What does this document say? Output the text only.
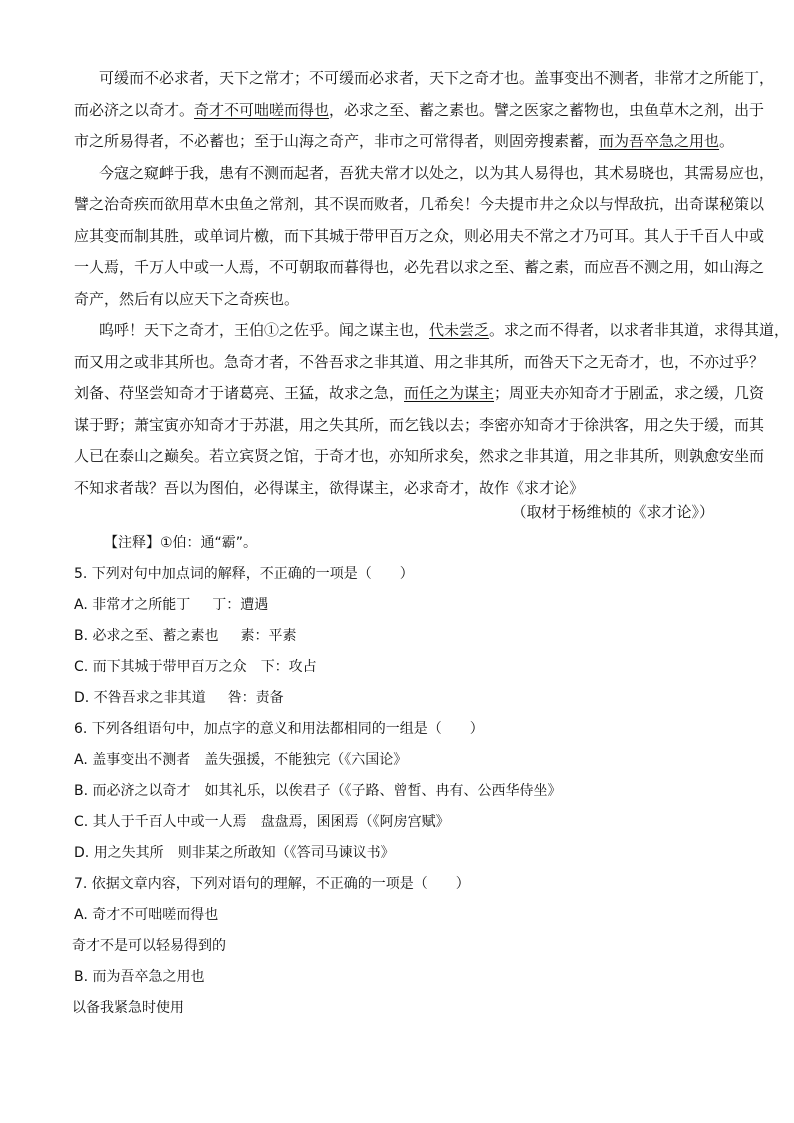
可缓而不必求者，天下之常才；不可缓而必求者，天下之奇才也。盖事变出不测者，非常才之所能丁，
而必济之以奇才。奇才不可咄嗟而得也，必求之至、蓄之素也。譬之医家之蓄物也，虫鱼草木之剂，出于
市之所易得者，不必蓄也；至于山海之奇产，非市之可常得者，则固旁搜素蓄，而为吾卒急之用也。
今寇之窥衅于我，患有不测而起者，吾犹夫常才以处之，以为其人易得也，其术易晓也，其需易应也，
譬之治奇疾而欲用草木虫鱼之常剂，其不误而败者，几希矣！今夫提市井之众以与悍敌抗，出奇谋秘策以
应其变而制其胜，或单词片檄，而下其城于带甲百万之众，则必用夫不常之才乃可耳。其人于千百人中或
一人焉，千万人中或一人焉，不可朝取而暮得也，必先君以求之至、蓄之素，而应吾不测之用，如山海之
奇产，然后有以应天下之奇疾也。
呜呼！天下之奇才，王伯①之佐乎。闻之谋主也，代未尝乏。求之而不得者，以求者非其道，求得其道，
而又用之或非其所也。急奇才者，不咎吾求之非其道、用之非其所，而咎天下之无奇才，也，不亦过乎？
刘备、苻坚尝知奇才于诸葛亮、王猛，故求之急，而任之为谋主；周亚夫亦知奇才于剧孟，求之缓，几资
谋于野；萧宝寅亦知奇才于苏湛，用之失其所，而乞钱以去；李密亦知奇才于徐洪客，用之失于缓，而其
人已在泰山之巅矣。若立宾贤之馆，于奇才也，亦知所求矣，然求之非其道，用之非其所，则孰愈安坐而
不知求者哉？吾以为图伯，必得谋主，欲得谋主，必求奇才，故作《求才论》
（取材于杨维桢的《求才论》）
【注释】①伯：通“霸”。
5. 下列对句中加点词的解释，不正确的一项是（　　）
A. 非常才之所能丁 丁：遭遇
B. 必求之至、蓄之素也 素：平素
C. 而下其城于带甲百万之众 下：攻占
D. 不咎吾求之非其道 咎：责备
6. 下列各组语句中，加点字的意义和用法都相同的一组是（　　）
A. 盖事变出不测者 盖失强援，不能独完（《六国论》
B. 而必济之以奇才 如其礼乐，以俟君子（《子路、曾皙、冉有、公西华侍坐》
C. 其人于千百人中或一人焉 盘盘焉，囷囷焉（《阿房宫赋》
D. 用之失其所 则非某之所敢知（《答司马谏议书》
7. 依据文章内容，下列对语句的理解，不正确的一项是（　　）
A. 奇才不可咄嗟而得也
奇才不是可以轻易得到的
B. 而为吾卒急之用也
以备我紧急时使用
